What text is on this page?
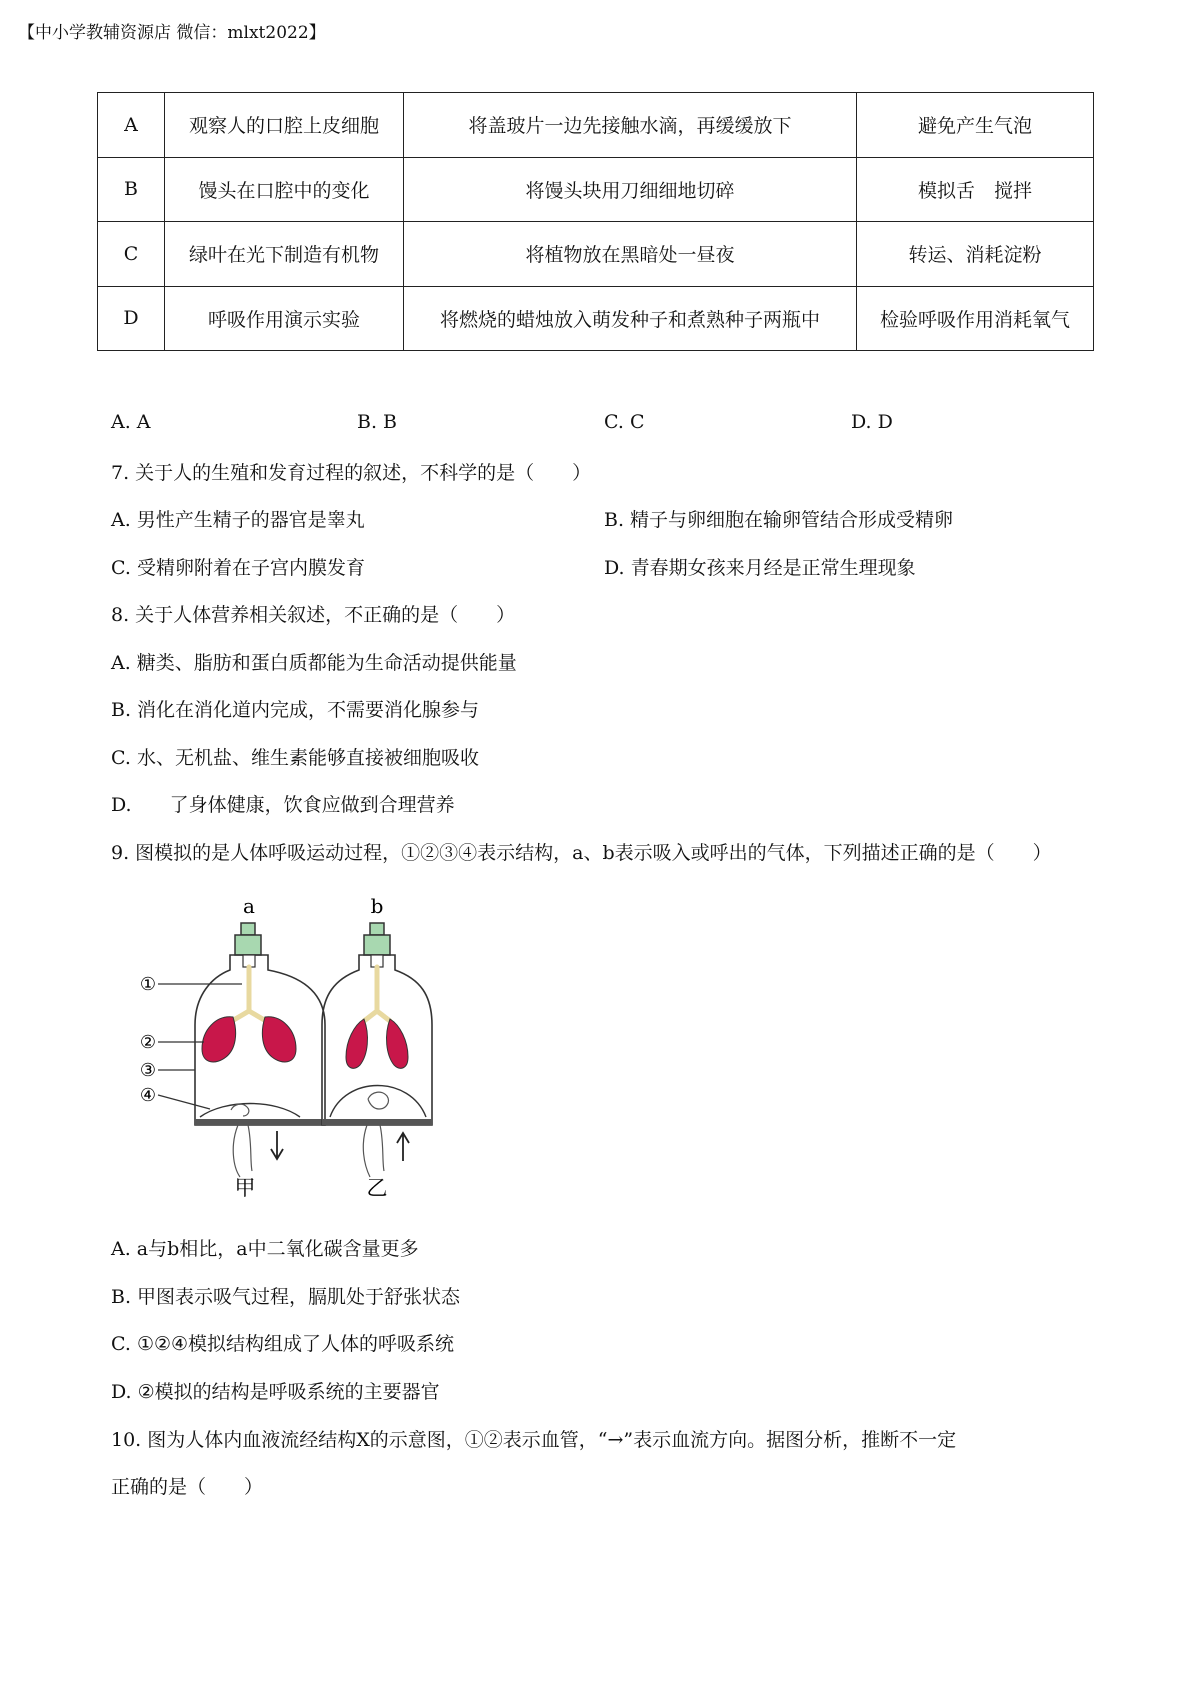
【中小学教辅资源店 微信：mlxt2022】
A	观察人的口腔上皮细胞	将盖玻片一边先接触水滴，再缓缓放下	避免产生气泡
B	馒头在口腔中的变化	将馒头块用刀细细地切碎	模拟舌　搅拌
C	绿叶在光下制造有机物	将植物放在黑暗处一昼夜	转运、消耗淀粉
D	呼吸作用演示实验	将燃烧的蜡烛放入萌发种子和煮熟种子两瓶中	检验呼吸作用消耗氧气
A. A	B. B	C. C	D. D
7. 关于人的生殖和发育过程的叙述，不科学的是（　　）
A. 男性产生精子的器官是睾丸	B. 精子与卵细胞在输卵管结合形成受精卵
C. 受精卵附着在子宫内膜发育	D. 青春期女孩来月经是正常生理现象
8. 关于人体营养相关叙述，不正确的是（　　）
A. 糖类、脂肪和蛋白质都能为生命活动提供能量
B. 消化在消化道内完成，不需要消化腺参与
C. 水、无机盐、维生素能够直接被细胞吸收
D.　　了身体健康，饮食应做到合理营养
9. 图模拟的是人体呼吸运动过程，①②③④表示结构，a、b表示吸入或呼出的气体，下列描述正确的是（　　）
a
甲
b
乙
①
②
③
④
A. a与b相比，a中二氧化碳含量更多
B. 甲图表示吸气过程，膈肌处于舒张状态
C. ①②④模拟结构组成了人体的呼吸系统
D. ②模拟的结构是呼吸系统的主要器官
10. 图为人体内血液流经结构X的示意图，①②表示血管，“→”表示血流方向。据图分析，推断不一定
正确的是（　　）
